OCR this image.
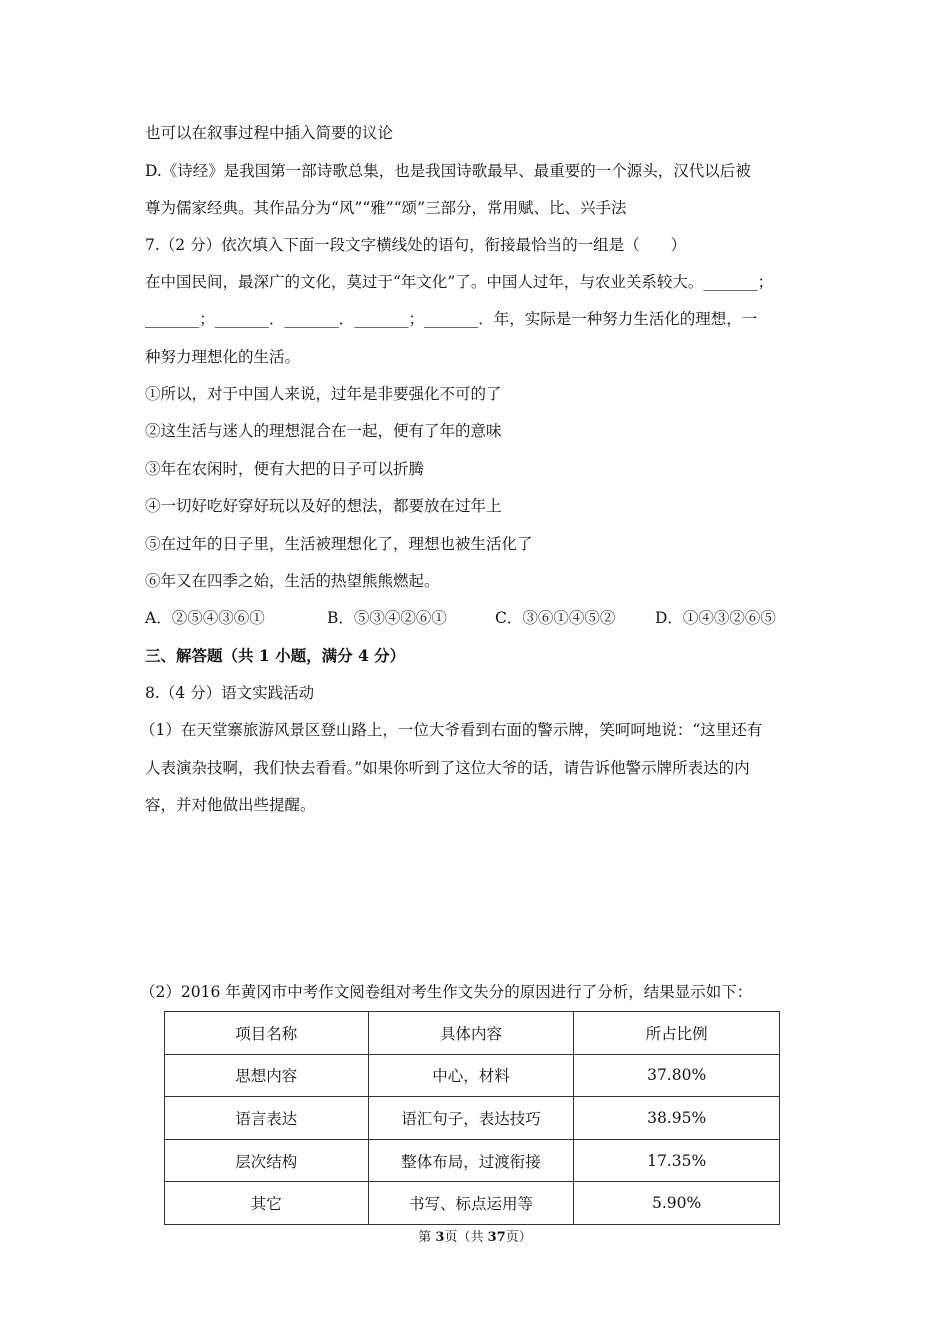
也可以在叙事过程中插入简要的议论
D.《诗经》是我国第一部诗歌总集，也是我国诗歌最早、最重要的一个源头，汉代以后被
尊为儒家经典。其作品分为“风”“雅”“颂”三部分，常用赋、比、兴手法
7.（2 分）依次填入下面一段文字横线处的语句，衔接最恰当的一组是（　　）
在中国民间，最深广的文化，莫过于“年文化”了。中国人过年，与农业关系较大。_______；
_______；_______．_______．_______；_______．年，实际是一种努力生活化的理想，一
种努力理想化的生活。
①所以，对于中国人来说，过年是非要强化不可的了
②这生活与迷人的理想混合在一起，便有了年的意味
③年在农闲时，便有大把的日子可以折腾
④一切好吃好穿好玩以及好的想法，都要放在过年上
⑤在过年的日子里，生活被理想化了，理想也被生活化了
⑥年又在四季之始，生活的热望熊熊燃起。
A．②⑤④③⑥①	B．⑤③④②⑥①	C．③⑥①④⑤②	D．①④③②⑥⑤
三、解答题（共 1 小题，满分 4 分）
8.（4 分）语文实践活动
（1）在天堂寨旅游风景区登山路上，一位大爷看到右面的警示牌，笑呵呵地说：“这里还有
人表演杂技啊，我们快去看看。”如果你听到了这位大爷的话，请告诉他警示牌所表达的内
容，并对他做出些提醒。
（2）2016 年黄冈市中考作文阅卷组对考生作文失分的原因进行了分析，结果显示如下：
项目名称	具体内容	所占比例
思想内容	中心，材料	37.80%
语言表达	语汇句子，表达技巧	38.95%
层次结构	整体布局，过渡衔接	17.35%
其它	书写、标点运用等	5.90%
第 3页（共 37页）
